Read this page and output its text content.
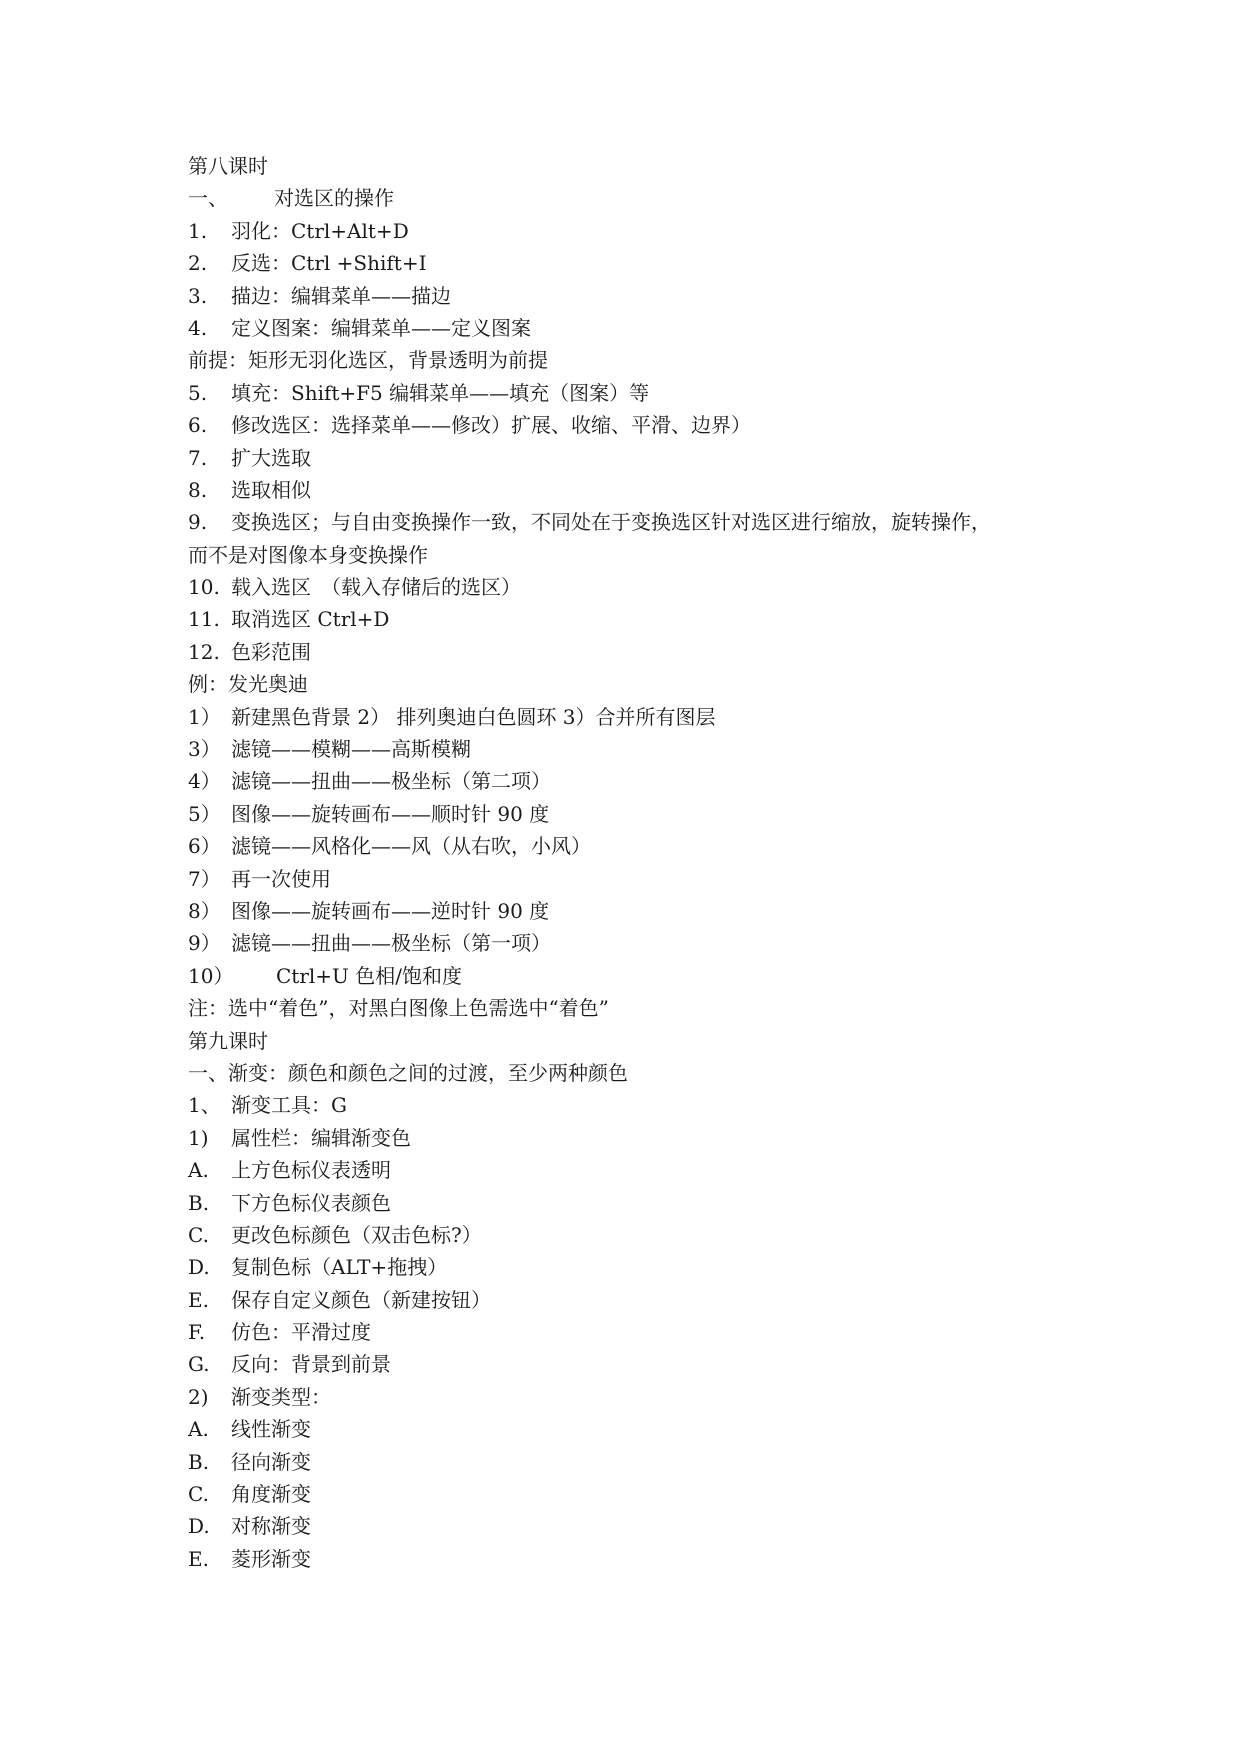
第八课时
一、 对选区的操作
1. 羽化：Ctrl+Alt+D
2. 反选：Ctrl +Shift+I
3. 描边：编辑菜单——描边
4. 定义图案：编辑菜单——定义图案
前提：矩形无羽化选区，背景透明为前提
5. 填充：Shift+F5 编辑菜单——填充（图案）等
6. 修改选区：选择菜单——修改）扩展、收缩、平滑、边界）
7. 扩大选取
8. 选取相似
9. 变换选区；与自由变换操作一致，不同处在于变换选区针对选区进行缩放，旋转操作，
而不是对图像本身变换操作
10. 载入选区　（载入存储后的选区）
11. 取消选区 Ctrl+D
12. 色彩范围
例：发光奥迪
1） 新建黑色背景 2） 排列奥迪白色圆环 3）合并所有图层
3） 滤镜——模糊——高斯模糊
4） 滤镜——扭曲——极坐标（第二项）
5） 图像——旋转画布——顺时针 90 度
6） 滤镜——风格化——风（从右吹，小风）
7） 再一次使用
8） 图像——旋转画布——逆时针 90 度
9） 滤镜——扭曲——极坐标（第一项）
10） Ctrl+U 色相/饱和度
注：选中“着色”，对黑白图像上色需选中“着色”
第九课时
一、渐变：颜色和颜色之间的过渡，至少两种颜色
1、 渐变工具：G
1) 属性栏：编辑渐变色
A. 上方色标仪表透明
B. 下方色标仪表颜色
C. 更改色标颜色（双击色标?）
D. 复制色标（ALT+拖拽）
E. 保存自定义颜色（新建按钮）
F. 仿色：平滑过度
G. 反向：背景到前景
2) 渐变类型：
A. 线性渐变
B. 径向渐变
C. 角度渐变
D. 对称渐变
E. 菱形渐变
